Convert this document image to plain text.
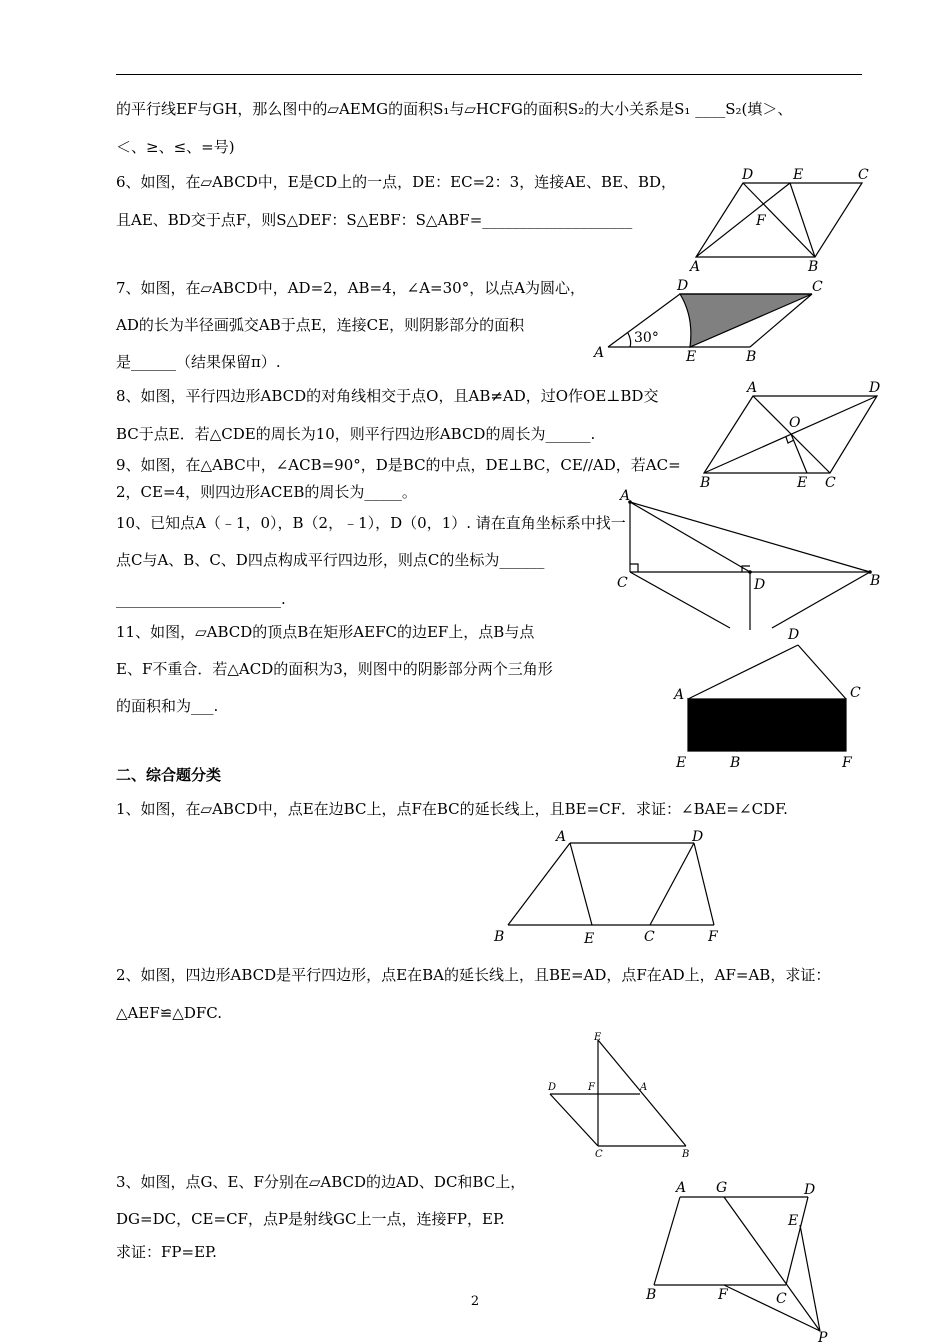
的平行线EF与GH，那么图中的▱AEMG的面积S₁与▱HCFG的面积S₂的大小关系是S₁ ____S₂(填＞、
＜、≥、≤、=号)
6、如图，在▱ABCD中，E是CD上的一点，DE：EC=2：3，连接AE、BE、BD，
且AE、BD交于点F，则S△DEF：S△EBF：S△ABF=____________________
7、如图，在▱ABCD中，AD=2，AB=4，∠A=30°，以点A为圆心，
AD的长为半径画弧交AB于点E，连接CE，则阴影部分的面积
是______（结果保留π）.
8、如图，平行四边形ABCD的对角线相交于点O，且AB≠AD，过O作OE⊥BD交
BC于点E．若△CDE的周长为10，则平行四边形ABCD的周长为______.
9、如图，在△ABC中，∠ACB=90°，D是BC的中点，DE⊥BC，CE//AD，若AC=
2，CE=4，则四边形ACEB的周长为_____。
10、已知点A（﹣1，0），B（2，﹣1），D（0，1）. 请在直角坐标系中找一
点C与A、B、C、D四点构成平行四边形，则点C的坐标为______
______________________.
11、如图，▱ABCD的顶点B在矩形AEFC的边EF上，点B与点
E、F不重合．若△ACD的面积为3，则图中的阴影部分两个三角形
的面积和为___.
二、综合题分类
1、如图，在▱ABCD中，点E在边BC上，点F在BC的延长线上，且BE=CF．求证：∠BAE=∠CDF.
2、如图，四边形ABCD是平行四边形，点E在BA的延长线上，且BE=AD，点F在AD上，AF=AB，求证：
△AEF≌△DFC.
3、如图，点G、E、F分别在▱ABCD的边AD、DC和BC上，
DG=DC，CE=CF，点P是射线GC上一点，连接FP，EP.
求证：FP=EP.
D	E	C
F
A	B
D	C
A	E	B
30°
A	D
O
B	E C
A
C	D	B
D
A	C
E	B	F
A	D
B	E	C	F
E
D	F	A
C	B
A G	D
E
B	F	C
P
2
